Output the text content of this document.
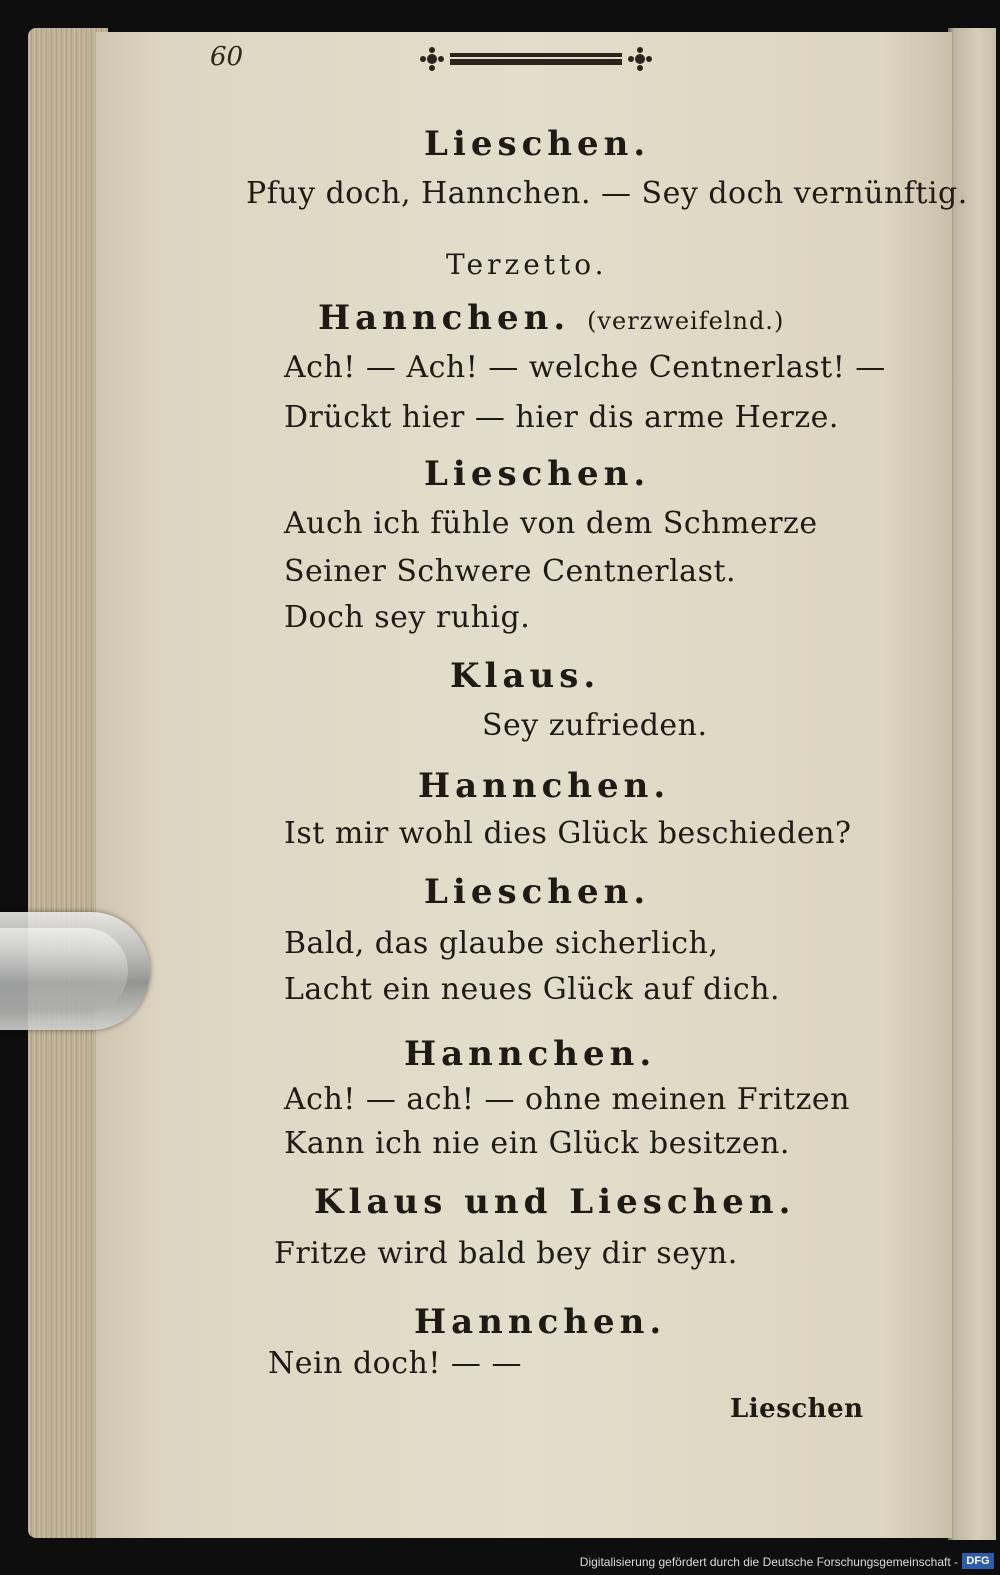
60
Lieschen.
Pfuy doch, Hannchen. — Sey doch vernünftig.
Terzetto.
Hannchen. (verzweifelnd.)
Ach! — Ach! — welche Centnerlast! —
Drückt hier — hier dis arme Herze.
Lieschen.
Auch ich fühle von dem Schmerze
Seiner Schwere Centnerlast.
Doch sey ruhig.
Klaus.
Sey zufrieden.
Hannchen.
Ist mir wohl dies Glück beschieden?
Lieschen.
Bald, das glaube sicherlich,
Lacht ein neues Glück auf dich.
Hannchen.
Ach! — ach! — ohne meinen Fritzen
Kann ich nie ein Glück besitzen.
Klaus und Lieschen.
Fritze wird bald bey dir seyn.
Hannchen.
Nein doch! — —
Lieschen
Digitalisierung gefördert durch die Deutsche Forschungsgemeinschaft - DFG
